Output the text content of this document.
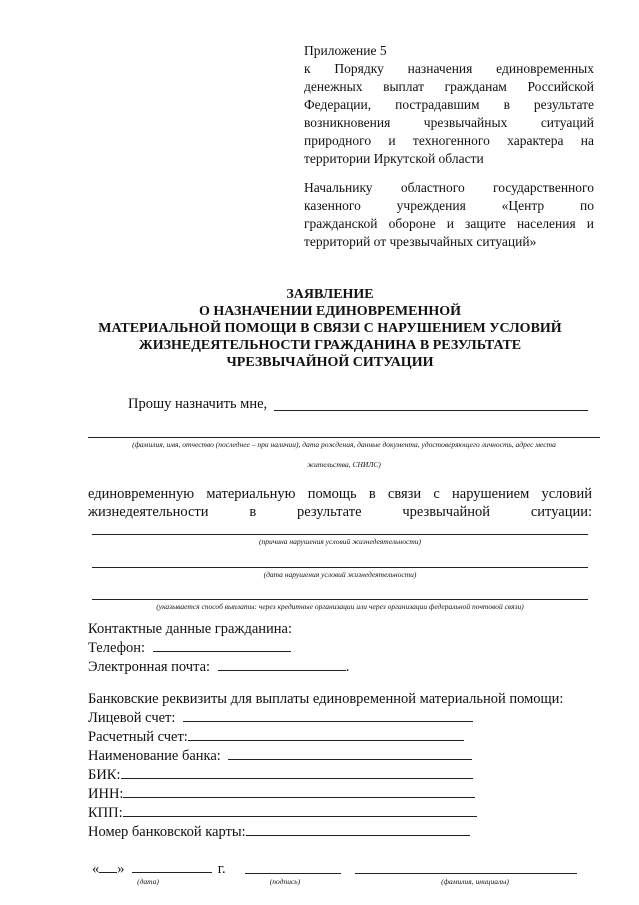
Приложение 5
к Порядку назначения единовременных
денежных выплат гражданам Российской
Федерации, пострадавшим в результате
возникновения чрезвычайных ситуаций
природного и техногенного характера на
территории Иркутской области
Начальнику областного государственного
казенного учреждения «Центр по
гражданской обороне и защите населения и
территорий от чрезвычайных ситуаций»
ЗАЯВЛЕНИЕ
О НАЗНАЧЕНИИ ЕДИНОВРЕМЕННОЙ
МАТЕРИАЛЬНОЙ ПОМОЩИ В СВЯЗИ С НАРУШЕНИЕМ УСЛОВИЙ
ЖИЗНЕДЕЯТЕЛЬНОСТИ ГРАЖДАНИНА В РЕЗУЛЬТАТЕ
ЧРЕЗВЫЧАЙНОЙ СИТУАЦИИ
Прошу назначить мне,
(фамилия, имя, отчество (последнее – при наличии), дата рождения, данные документа, удостоверяющего личность, адрес места
жительства, СНИЛС)
единовременную материальную помощь в связи с нарушением условий
жизнедеятельности в результате чрезвычайной ситуации:
(причина нарушения условий жизнедеятельности)
(дата нарушения условий жизнедеятельности)
(указывается способ выплаты: через кредитные организации или через организации федеральной почтовой связи)
Контактные данные гражданина:
Телефон:
Электронная почта:	.
Банковские реквизиты для выплаты единовременной материальной помощи:
Лицевой счет:
Расчетный счет:
Наименование банка:
БИК:
ИНН:
КПП:
Номер банковской карты:
« »	г.
(дата)	(подпись)	(фамилия, инициалы)
